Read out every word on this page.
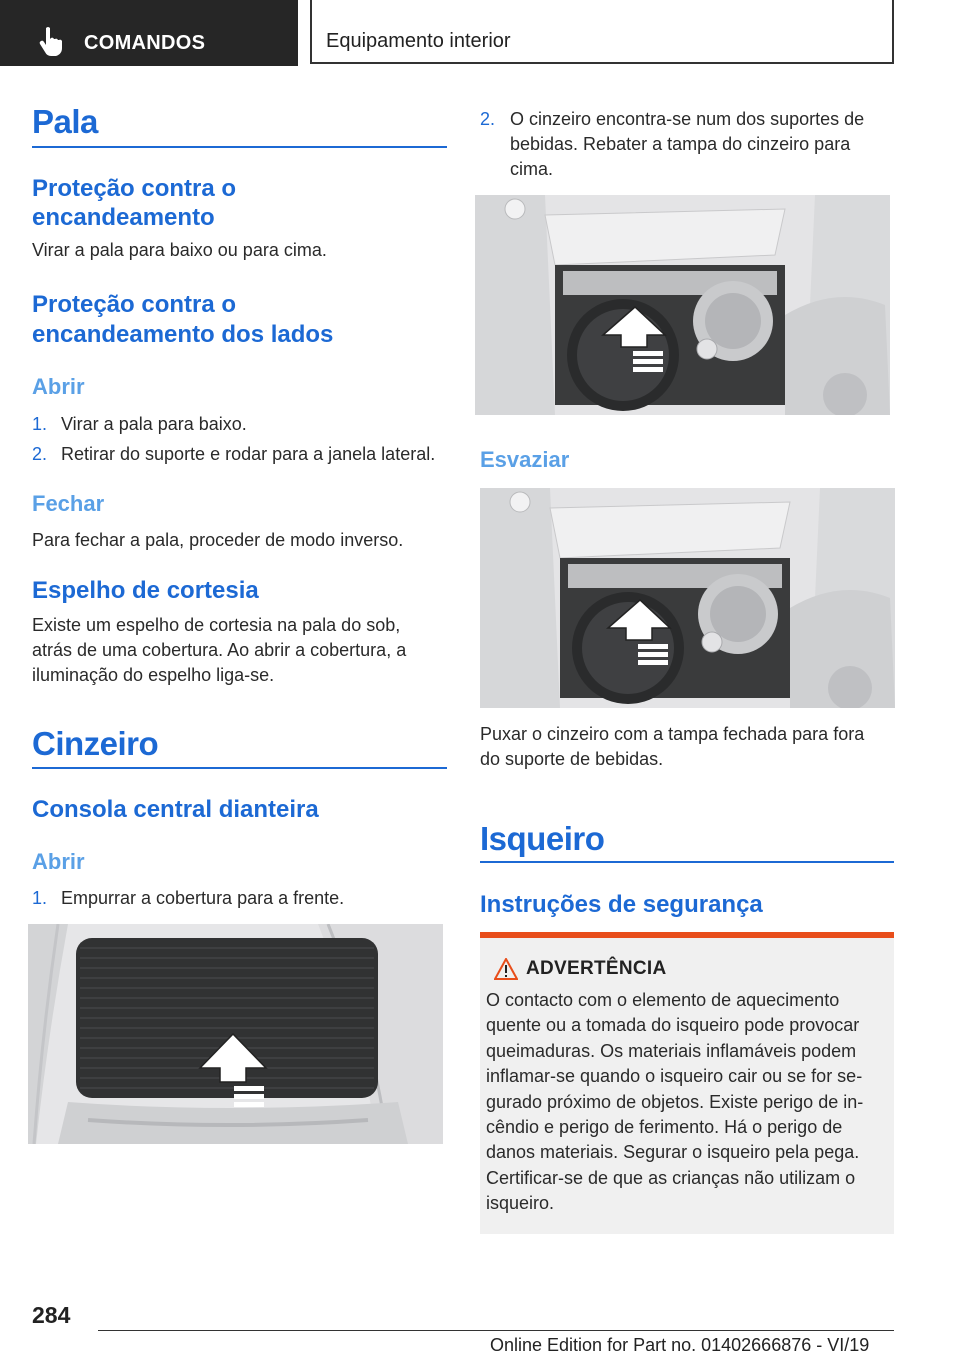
COMANDOS	Equipamento interior
Pala
Proteção contra o
encandeamento
Virar a pala para baixo ou para cima.
Proteção contra o
encandeamento dos lados
Abrir
1. Virar a pala para baixo.
2. Retirar do suporte e rodar para a janela lateral.
Fechar
Para fechar a pala, proceder de modo inverso.
Espelho de cortesia
Existe um espelho de cortesia na pala do sob,
atrás de uma cobertura. Ao abrir a cobertura, a
iluminação do espelho liga-se.
Cinzeiro
Consola central dianteira
Abrir
1. Empurrar a cobertura para a frente.
2. O cinzeiro encontra-se num dos suportes de
bebidas. Rebater a tampa do cinzeiro para
cima.
Esvaziar
Puxar o cinzeiro com a tampa fechada para fora
do suporte de bebidas.
Isqueiro
Instruções de segurança
ADVERTÊNCIA
O contacto com o elemento de aquecimento
quente ou a tomada do isqueiro pode provocar
queimaduras. Os materiais inflamáveis podem
inflamar-se quando o isqueiro cair ou se for se-
gurado próximo de objetos. Existe perigo de in-
cêndio e perigo de ferimento. Há o perigo de
danos materiais. Segurar o isqueiro pela pega.
Certificar-se de que as crianças não utilizam o
isqueiro.
284
Online Edition for Part no. 01402666876 - VI/19
